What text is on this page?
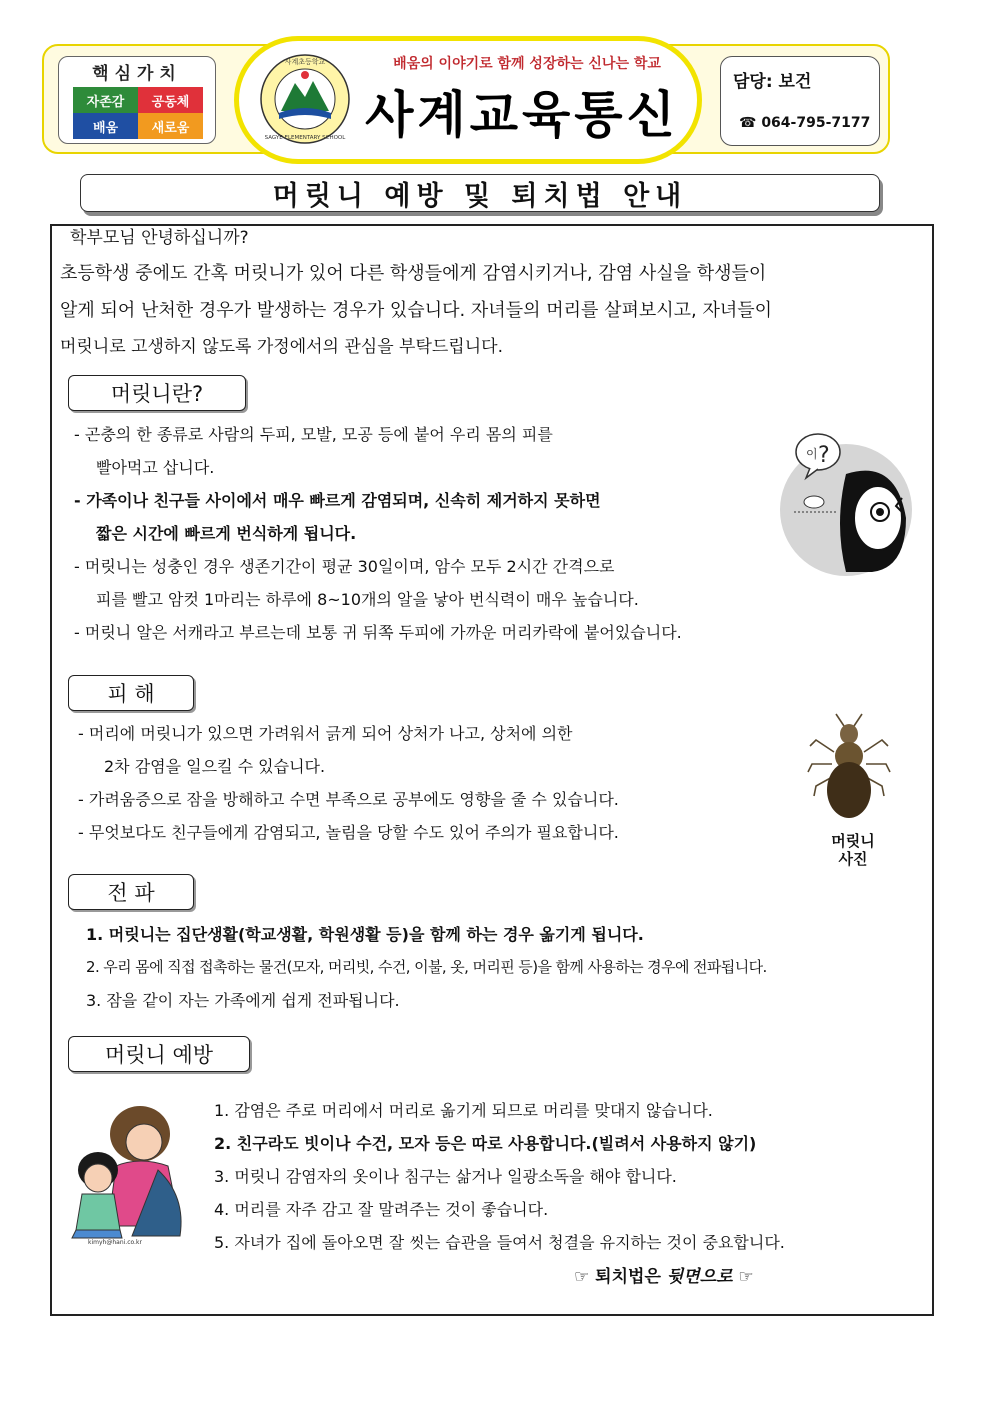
핵심가치
자존감	공동체
배움	새로움
사계초등학교
SAGYE ELEMENTARY SCHOOL
배움의 이야기로 함께 성장하는 신나는 학교
사계교육통신
담당: 보건
☎ 064-795-7177
머릿니 예방 및 퇴치법 안내
학부모님 안녕하십니까?
초등학생 중에도 간혹 머릿니가 있어 다른 학생들에게 감염시키거나, 감염 사실을 학생들이
알게 되어 난처한 경우가 발생하는 경우가 있습니다. 자녀들의 머리를 살펴보시고, 자녀들이
머릿니로 고생하지 않도록 가정에서의 관심을 부탁드립니다.
머릿니란?
- 곤충의 한 종류로 사람의 두피, 모발, 모공 등에 붙어 우리 몸의 피를
빨아먹고 삽니다.
- 가족이나 친구들 사이에서 매우 빠르게 감염되며, 신속히 제거하지 못하면
짧은 시간에 빠르게 번식하게 됩니다.
- 머릿니는 성충인 경우 생존기간이 평균 30일이며, 암수 모두 2시간 간격으로
피를 빨고 암컷 1마리는 하루에 8~10개의 알을 낳아 번식력이 매우 높습니다.
- 머릿니 알은 서캐라고 부르는데 보통 귀 뒤쪽 두피에 가까운 머리카락에 붙어있습니다.
이 ?
피 해
- 머리에 머릿니가 있으면 가려워서 긁게 되어 상처가 나고, 상처에 의한
2차 감염을 일으킬 수 있습니다.
- 가려움증으로 잠을 방해하고 수면 부족으로 공부에도 영향을 줄 수 있습니다.
- 무엇보다도 친구들에게 감염되고, 놀림을 당할 수도 있어 주의가 필요합니다.	머릿니
사진
전 파
1. 머릿니는 집단생활(학교생활, 학원생활 등)을 함께 하는 경우 옮기게 됩니다.
2. 우리 몸에 직접 접촉하는 물건(모자, 머리빗, 수건, 이불, 옷, 머리핀 등)을 함께 사용하는 경우에 전파됩니다.
3. 잠을 같이 자는 가족에게 쉽게 전파됩니다.
머릿니 예방
kimyh@hani.co.kr
1. 감염은 주로 머리에서 머리로 옮기게 되므로 머리를 맞대지 않습니다.
2. 친구라도 빗이나 수건, 모자 등은 따로 사용합니다.(빌려서 사용하지 않기)
3. 머릿니 감염자의 옷이나 침구는 삶거나 일광소독을 해야 합니다.
4. 머리를 자주 감고 잘 말려주는 것이 좋습니다.
5. 자녀가 집에 돌아오면 잘 씻는 습관을 들여서 청결을 유지하는 것이 중요합니다.
☞ 퇴치법은 뒷면으로 ☞
